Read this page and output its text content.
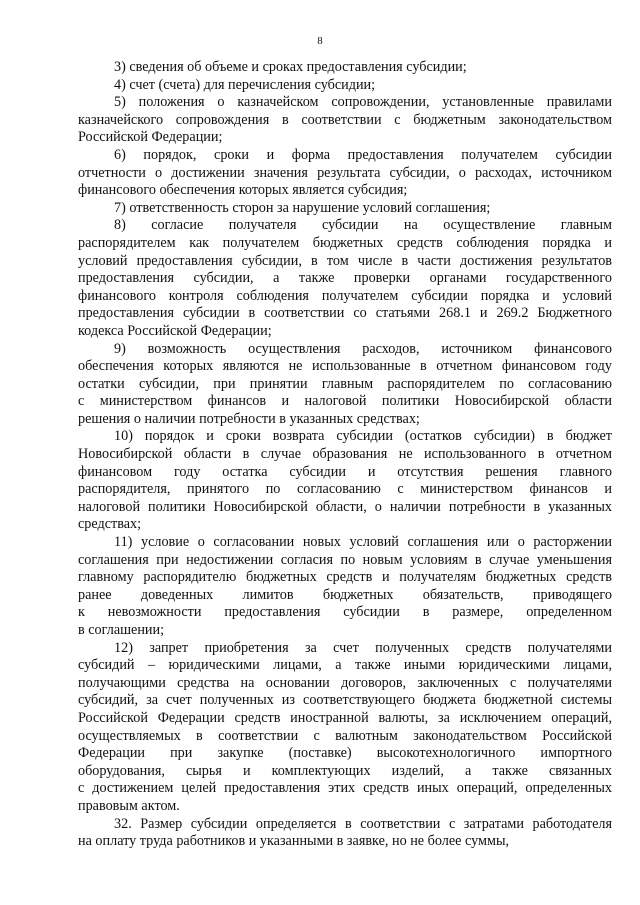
8
3) сведения об объеме и сроках предоставления субсидии;
4) счет (счета) для перечисления субсидии;
5) положения о казначейском сопровождении, установленные правилами
казначейского сопровождения в соответствии с бюджетным законодательством
Российской Федерации;
6) порядок, сроки и форма предоставления получателем субсидии
отчетности о достижении значения результата субсидии, о расходах, источником
финансового обеспечения которых является субсидия;
7) ответственность сторон за нарушение условий соглашения;
8) согласие получателя субсидии на осуществление главным
распорядителем как получателем бюджетных средств соблюдения порядка и
условий предоставления субсидии, в том числе в части достижения результатов
предоставления субсидии, а также проверки органами государственного
финансового контроля соблюдения получателем субсидии порядка и условий
предоставления субсидии в соответствии со статьями 268.1 и 269.2 Бюджетного
кодекса Российской Федерации;
9) возможность осуществления расходов, источником финансового
обеспечения которых являются не использованные в отчетном финансовом году
остатки субсидии, при принятии главным распорядителем по согласованию
с министерством финансов и налоговой политики Новосибирской области
решения о наличии потребности в указанных средствах;
10) порядок и сроки возврата субсидии (остатков субсидии) в бюджет
Новосибирской области в случае образования не использованного в отчетном
финансовом году остатка субсидии и отсутствия решения главного
распорядителя, принятого по согласованию с министерством финансов и
налоговой политики Новосибирской области, о наличии потребности в указанных
средствах;
11) условие о согласовании новых условий соглашения или о расторжении
соглашения при недостижении согласия по новым условиям в случае уменьшения
главному распорядителю бюджетных средств и получателям бюджетных средств
ранее доведенных лимитов бюджетных обязательств, приводящего
к невозможности предоставления субсидии в размере, определенном
в соглашении;
12) запрет приобретения за счет полученных средств получателями
субсидий – юридическими лицами, а также иными юридическими лицами,
получающими средства на основании договоров, заключенных с получателями
субсидий, за счет полученных из соответствующего бюджета бюджетной системы
Российской Федерации средств иностранной валюты, за исключением операций,
осуществляемых в соответствии с валютным законодательством Российской
Федерации при закупке (поставке) высокотехнологичного импортного
оборудования, сырья и комплектующих изделий, а также связанных
с достижением целей предоставления этих средств иных операций, определенных
правовым актом.
32. Размер субсидии определяется в соответствии с затратами работодателя
на оплату труда работников и указанными в заявке, но не более суммы,
